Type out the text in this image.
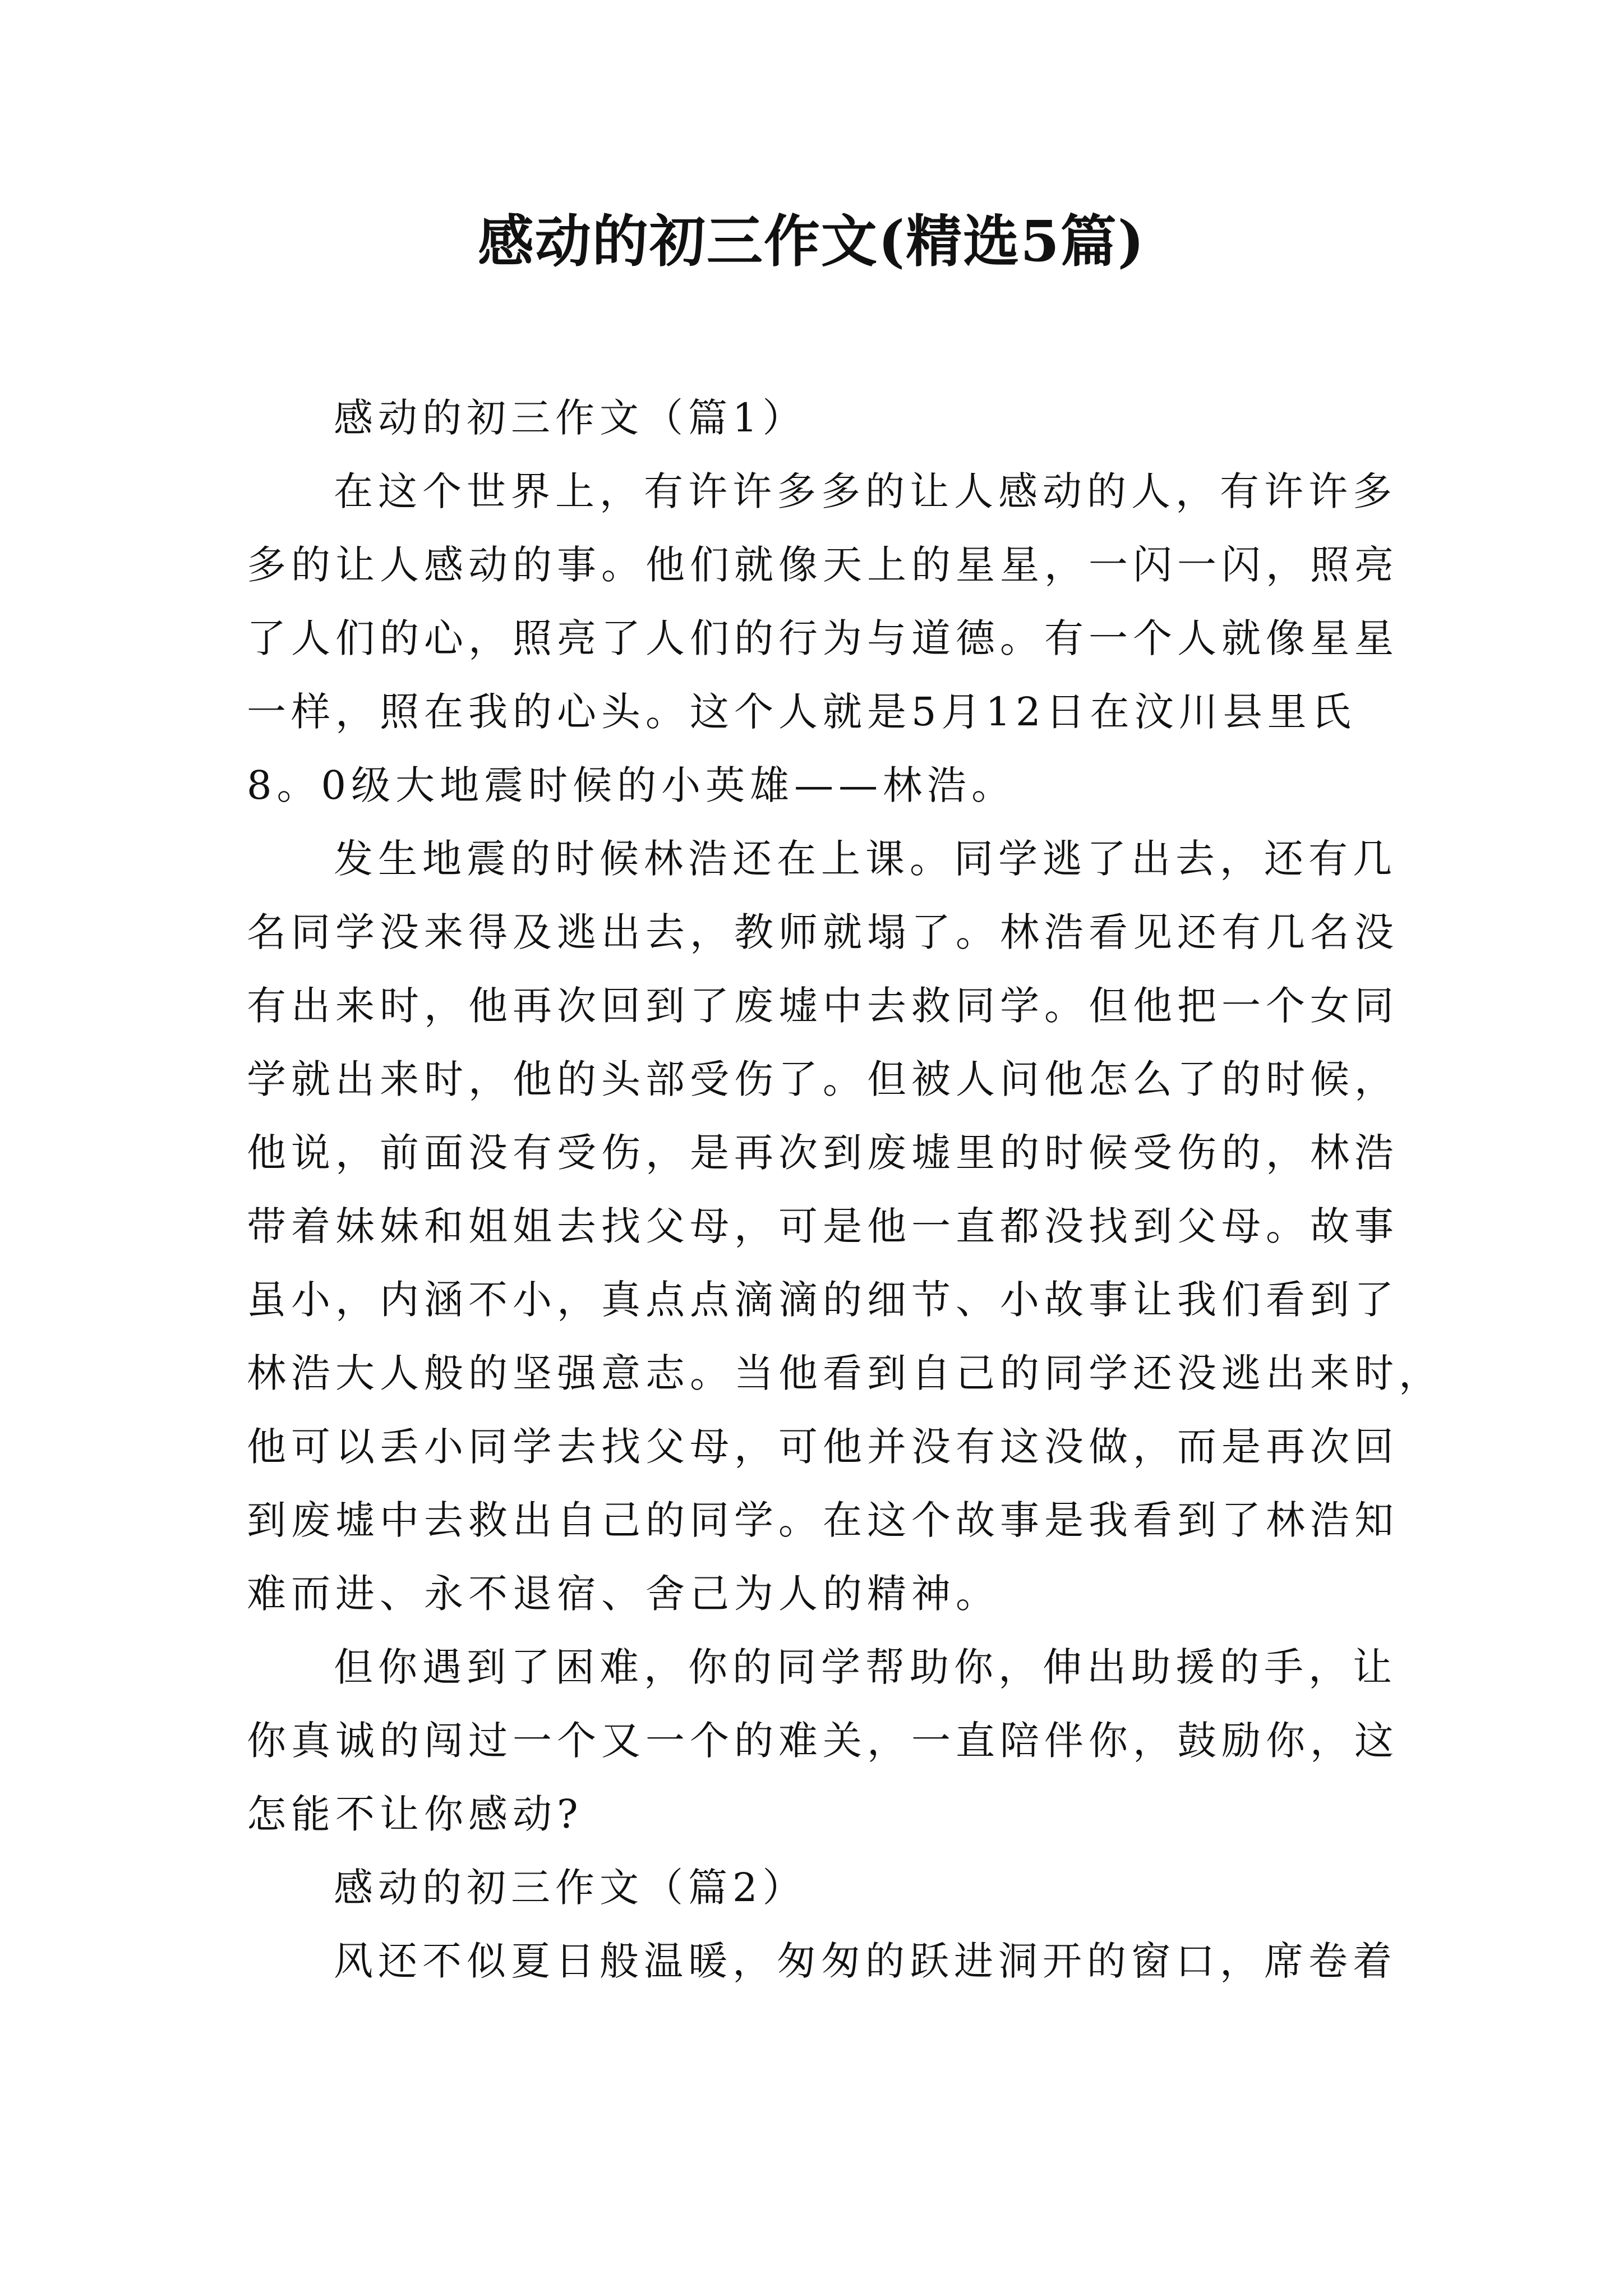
感动的初三作文(精选5篇)
感动的初三作文（篇1）
在这个世界上，有许许多多的让人感动的人，有许许多
多的让人感动的事。他们就像天上的星星，一闪一闪，照亮
了人们的心，照亮了人们的行为与道德。有一个人就像星星
一样，照在我的心头。这个人就是5月12日在汶川县里氏
8。0级大地震时候的小英雄——林浩。
发生地震的时候林浩还在上课。同学逃了出去，还有几
名同学没来得及逃出去，教师就塌了。林浩看见还有几名没
有出来时，他再次回到了废墟中去救同学。但他把一个女同
学就出来时，他的头部受伤了。但被人问他怎么了的时候，
他说，前面没有受伤，是再次到废墟里的时候受伤的，林浩
带着妹妹和姐姐去找父母，可是他一直都没找到父母。故事
虽小，内涵不小，真点点滴滴的细节、小故事让我们看到了
林浩大人般的坚强意志。当他看到自己的同学还没逃出来时，
他可以丢小同学去找父母，可他并没有这没做，而是再次回
到废墟中去救出自己的同学。在这个故事是我看到了林浩知
难而进、永不退宿、舍己为人的精神。
但你遇到了困难，你的同学帮助你，伸出助援的手，让
你真诚的闯过一个又一个的难关，一直陪伴你，鼓励你，这
怎能不让你感动?
感动的初三作文（篇2）
风还不似夏日般温暖，匆匆的跃进洞开的窗口，席卷着
